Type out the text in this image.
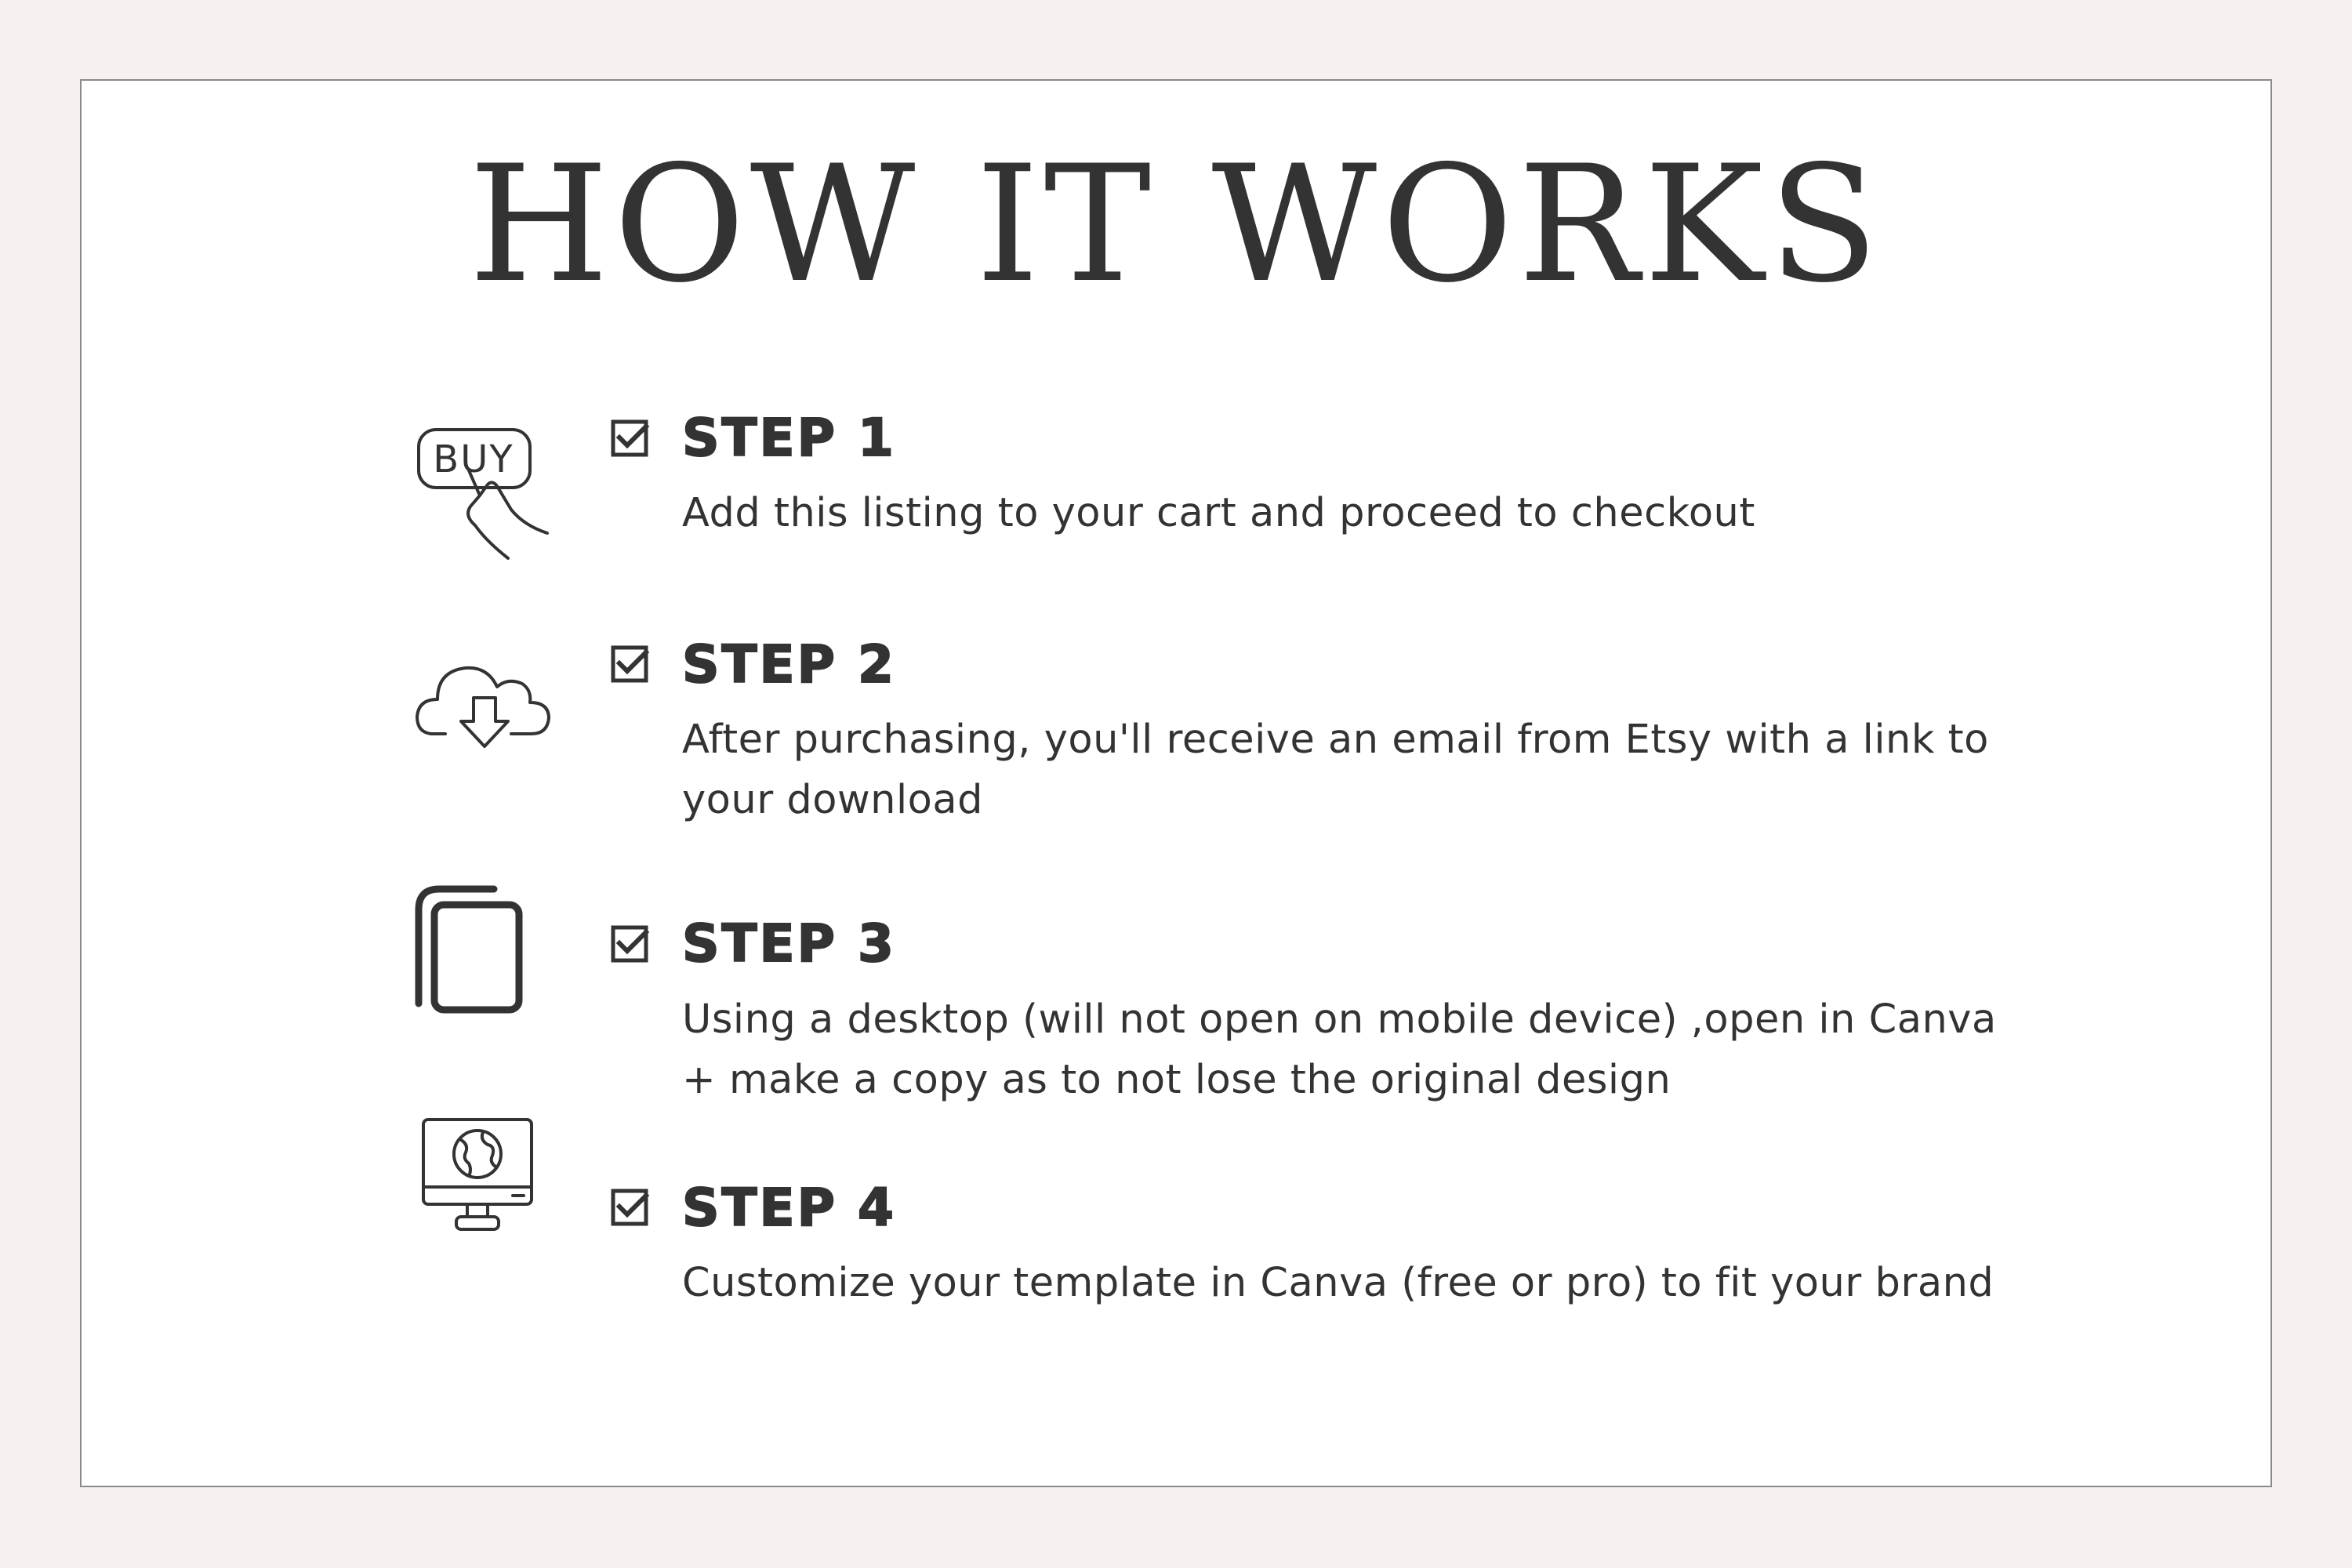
HOW IT WORKS
BUY	STEP 1
Add this listing to your cart and proceed to checkout
STEP 2
After purchasing, you'll receive an email from Etsy with a link to your download
STEP 3
Using a desktop (will not open on mobile device) ,open in Canva + make a copy as to not lose the original design
STEP 4
Customize your template in Canva (free or pro) to fit your brand
